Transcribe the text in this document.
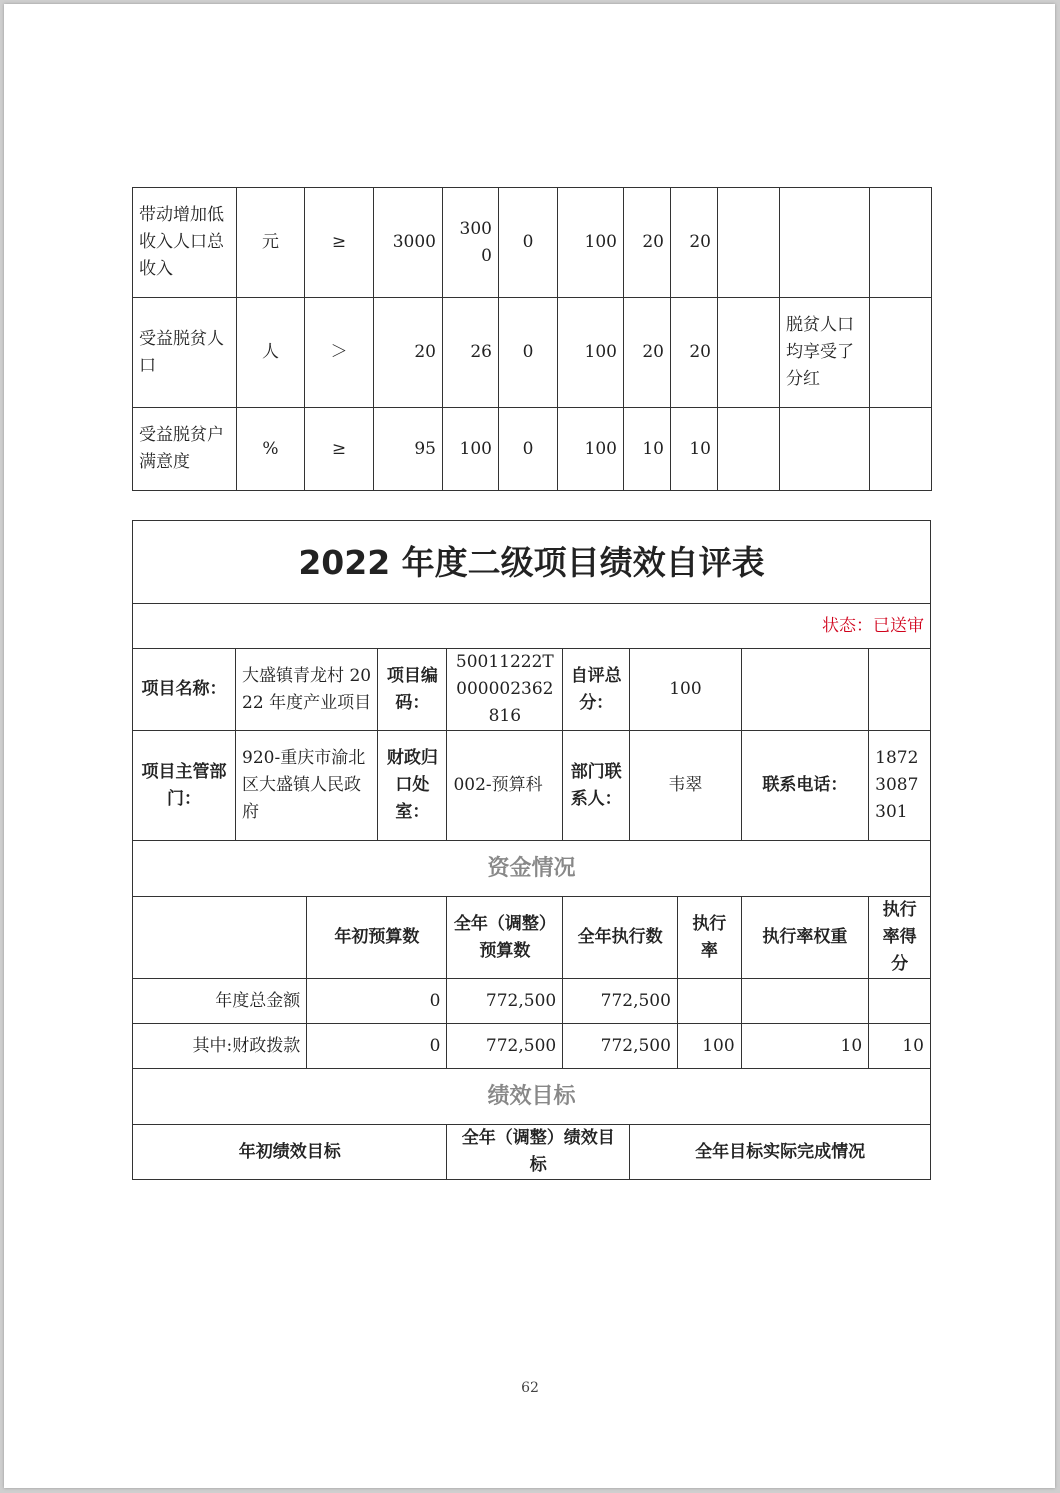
带动增加低收入人口总收入	元	≥	3000	3000	0	100	20	20			
受益脱贫人口	人	＞	20	26	0	100	20	20		脱贫人口均享受了分红	
受益脱贫户满意度	%	≥	95	100	0	100	10	10			
2022 年度二级项目绩效自评表									
状态：已送审									
项目名称：	大盛镇青龙村 2022 年度产业项目		项目编码：	50011222T000002362816	自评总分：	100			
项目主管部门：	920-重庆市渝北区大盛镇人民政府		财政归口处室：	002-预算科	部门联系人：	韦翠		联系电话：	18723087301
资金情况									
		年初预算数		全年（调整）预算数	全年执行数		执行率	执行率权重	执行率得分
年度总金额		0		772,500	772,500				
其中:财政拨款		0		772,500	772,500		100	10	10
绩效目标									
年初绩效目标				全年（调整）绩效目标		全年目标实际完成情况			
62
